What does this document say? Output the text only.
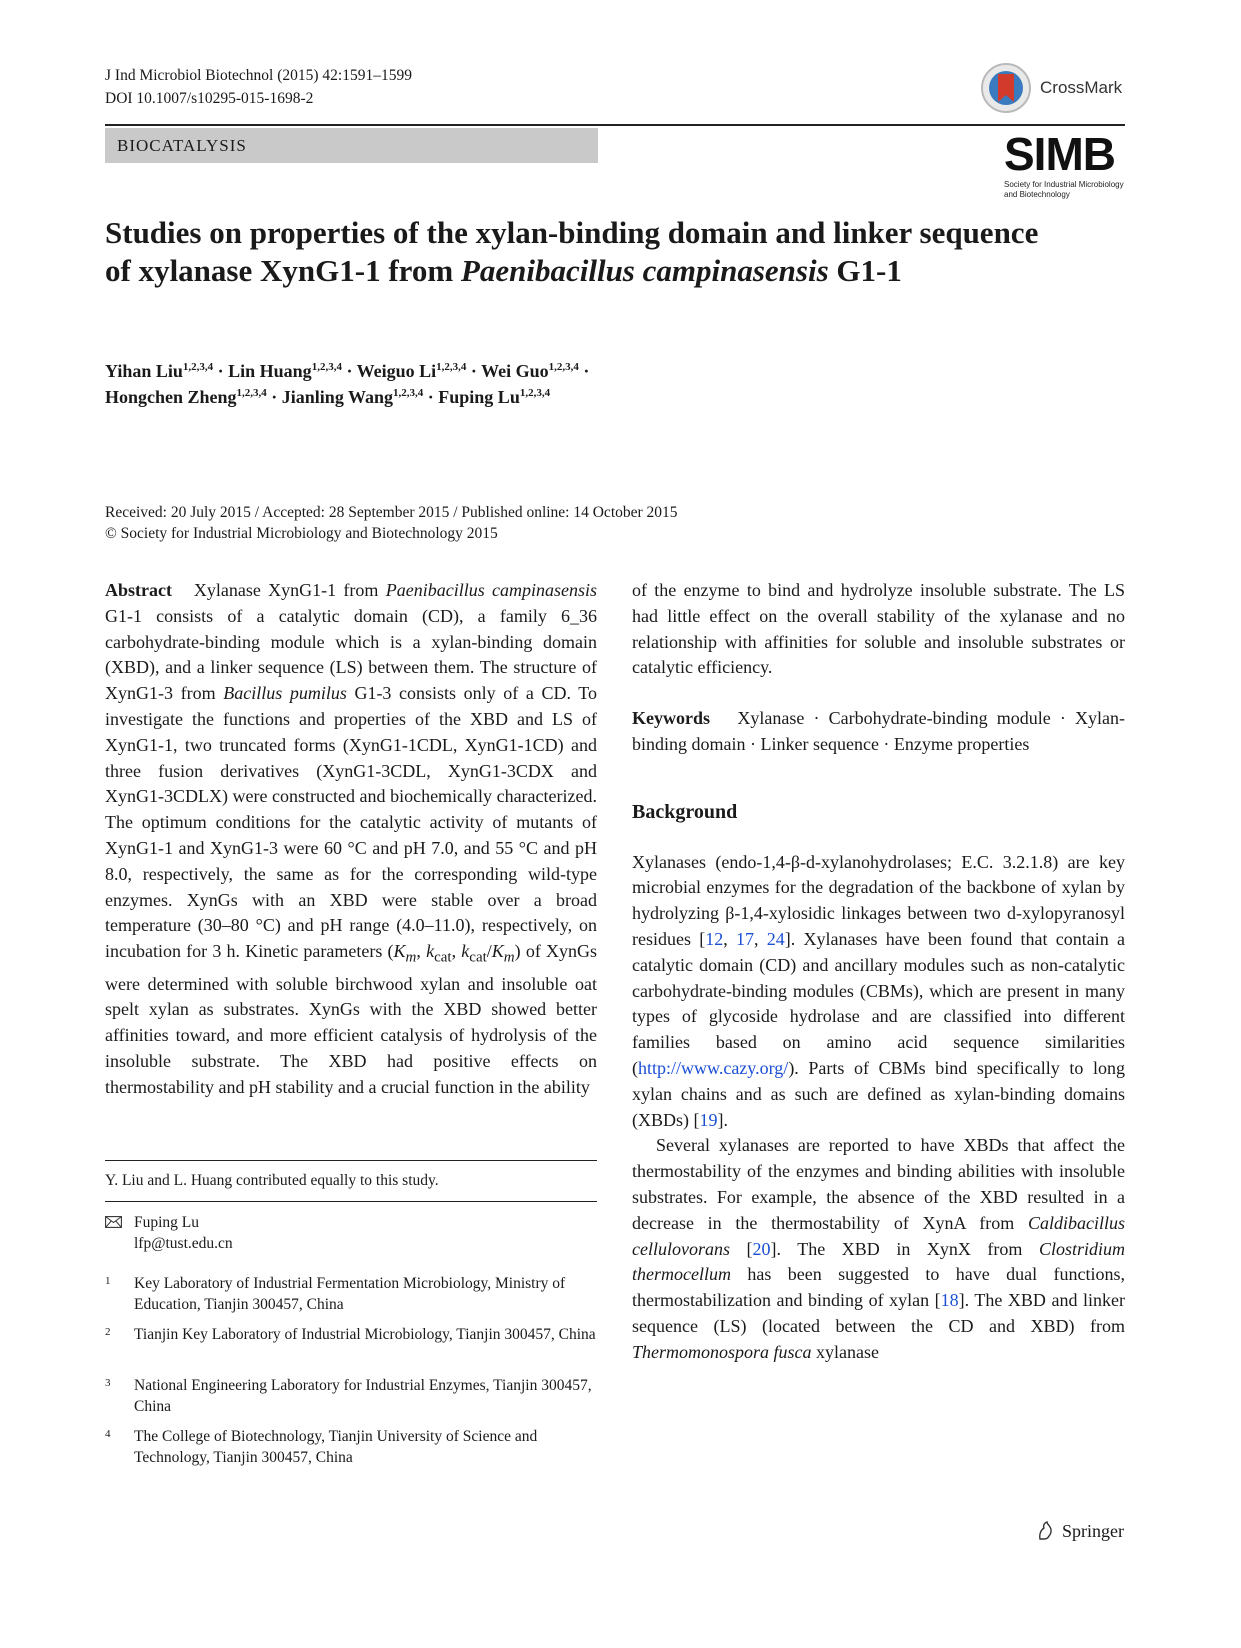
J Ind Microbiol Biotechnol (2015) 42:1591–1599
DOI 10.1007/s10295-015-1698-2
CrossMark
BIOCATALYSIS	SIMB
Society for Industrial Microbiology
and Biotechnology
Studies on properties of the xylan-binding domain and linker sequence of xylanase XynG1-1 from Paenibacillus campinasensis G1-1
Yihan Liu$^{1,2,3,4}$ · Lin Huang$^{1,2,3,4}$ · Weiguo Li$^{1,2,3,4}$ · Wei Guo$^{1,2,3,4}$ ·
Hongchen Zheng$^{1,2,3,4}$ · Jianling Wang$^{1,2,3,4}$ · Fuping Lu$^{1,2,3,4}$
Received: 20 July 2015 / Accepted: 28 September 2015 / Published online: 14 October 2015
© Society for Industrial Microbiology and Biotechnology 2015

Abstract Xylanase XynG1-1 from Paenibacillus campinasensis G1-1 consists of a catalytic domain (CD), a family 6_36 carbohydrate-binding module which is a xylan-binding domain (XBD), and a linker sequence (LS) between them. The structure of XynG1-3 from Bacillus pumilus G1-3 consists only of a CD. To investigate the functions and properties of the XBD and LS of XynG1-1, two truncated forms (XynG1-1CDL, XynG1-1CD) and three fusion derivatives (XynG1-3CDL, XynG1-3CDX and XynG1-3CDLX) were constructed and biochemically characterized. The optimum conditions for the catalytic activity of mutants of XynG1-1 and XynG1-3 were 60 °C and pH 7.0, and 55 °C and pH 8.0, respectively, the same as for the corresponding wild-type enzymes. XynGs with an XBD were stable over a broad temperature (30–80 °C) and pH range (4.0–11.0), respectively, on incubation for 3 h. Kinetic parameters ($K_m$, $k_{cat}$, $k_{cat}/K_m$) of XynGs were determined with soluble birchwood xylan and insoluble oat spelt xylan as substrates. XynGs with the XBD showed better affinities toward, and more efficient catalysis of hydrolysis of the insoluble substrate. The XBD had positive effects on thermostability and pH stability and a crucial function in the ability

of the enzyme to bind and hydrolyze insoluble substrate. The LS had little effect on the overall stability of the xylanase and no relationship with affinities for soluble and insoluble substrates or catalytic efficiency.

Keywords Xylanase · Carbohydrate-binding module · Xylan-binding domain · Linker sequence · Enzyme properties

Background

Xylanases (endo-1,4-β-d-xylanohydrolases; E.C. 3.2.1.8) are key microbial enzymes for the degradation of the backbone of xylan by hydrolyzing β-1,4-xylosidic linkages between two d-xylopyranosyl residues [12, 17, 24]. Xylanases have been found that contain a catalytic domain (CD) and ancillary modules such as non-catalytic carbohydrate-binding modules (CBMs), which are present in many types of glycoside hydrolase and are classified into different families based on amino acid sequence similarities (http://www.cazy.org/). Parts of CBMs bind specifically to long xylan chains and as such are defined as xylan-binding domains (XBDs) [19].

Several xylanases are reported to have XBDs that affect the thermostability of the enzymes and binding abilities with insoluble substrates. For example, the absence of the XBD resulted in a decrease in the thermostability of XynA from Caldibacillus cellulovorans [20]. The XBD in XynX from Clostridium thermocellum has been suggested to have dual functions, thermostabilization and binding of xylan [18]. The XBD and linker sequence (LS) (located between the CD and XBD) from Thermomonospora fusca xylanase

Y. Liu and L. Huang contributed equally to this study.
Fuping Lu
lfp@tust.edu.cn
1 Key Laboratory of Industrial Fermentation Microbiology, Ministry of Education, Tianjin 300457, China
2 Tianjin Key Laboratory of Industrial Microbiology, Tianjin 300457, China
3 National Engineering Laboratory for Industrial Enzymes, Tianjin 300457, China
4 The College of Biotechnology, Tianjin University of Science and Technology, Tianjin 300457, China
Springer
